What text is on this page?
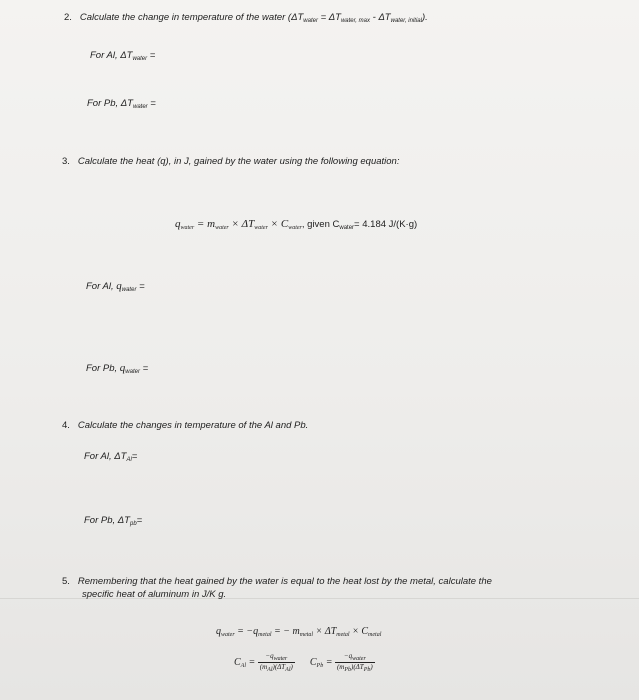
2. Calculate the change in temperature of the water $(\Delta T_{water} = \Delta T_{water, max} - \Delta T_{water, initial})$.
For Al, $\Delta T_{water}$ =
For Pb, $\Delta T_{water}$ =
3. Calculate the heat (q), in J, gained by the water using the following equation:
$q_{water} = m_{water} \times \Delta T_{water} \times C_{water}$, given $C_{water}= 4.184$ J/(K·g)
For Al, $q_{water}$ =
For Pb, $q_{water}$ =
4. Calculate the changes in temperature of the Al and Pb.
For Al, $\Delta T_{Al}=$
For Pb, $\Delta T_{pb}=$
5. Remembering that the heat gained by the water is equal to the heat lost by the metal, calculate the
specific heat of aluminum in J/K g.
$q_{water} = -q_{metal}$ = − $m_{metal} \times \Delta T_{metal} \times C_{metal}$
$C_{Al} = \frac{\text{−qwater}}{\text{(mAl)(ΔTAl)}} C_{Pb} = \frac{\text{−qwater}}{\text{(mPb)(ΔTPb)}}$
